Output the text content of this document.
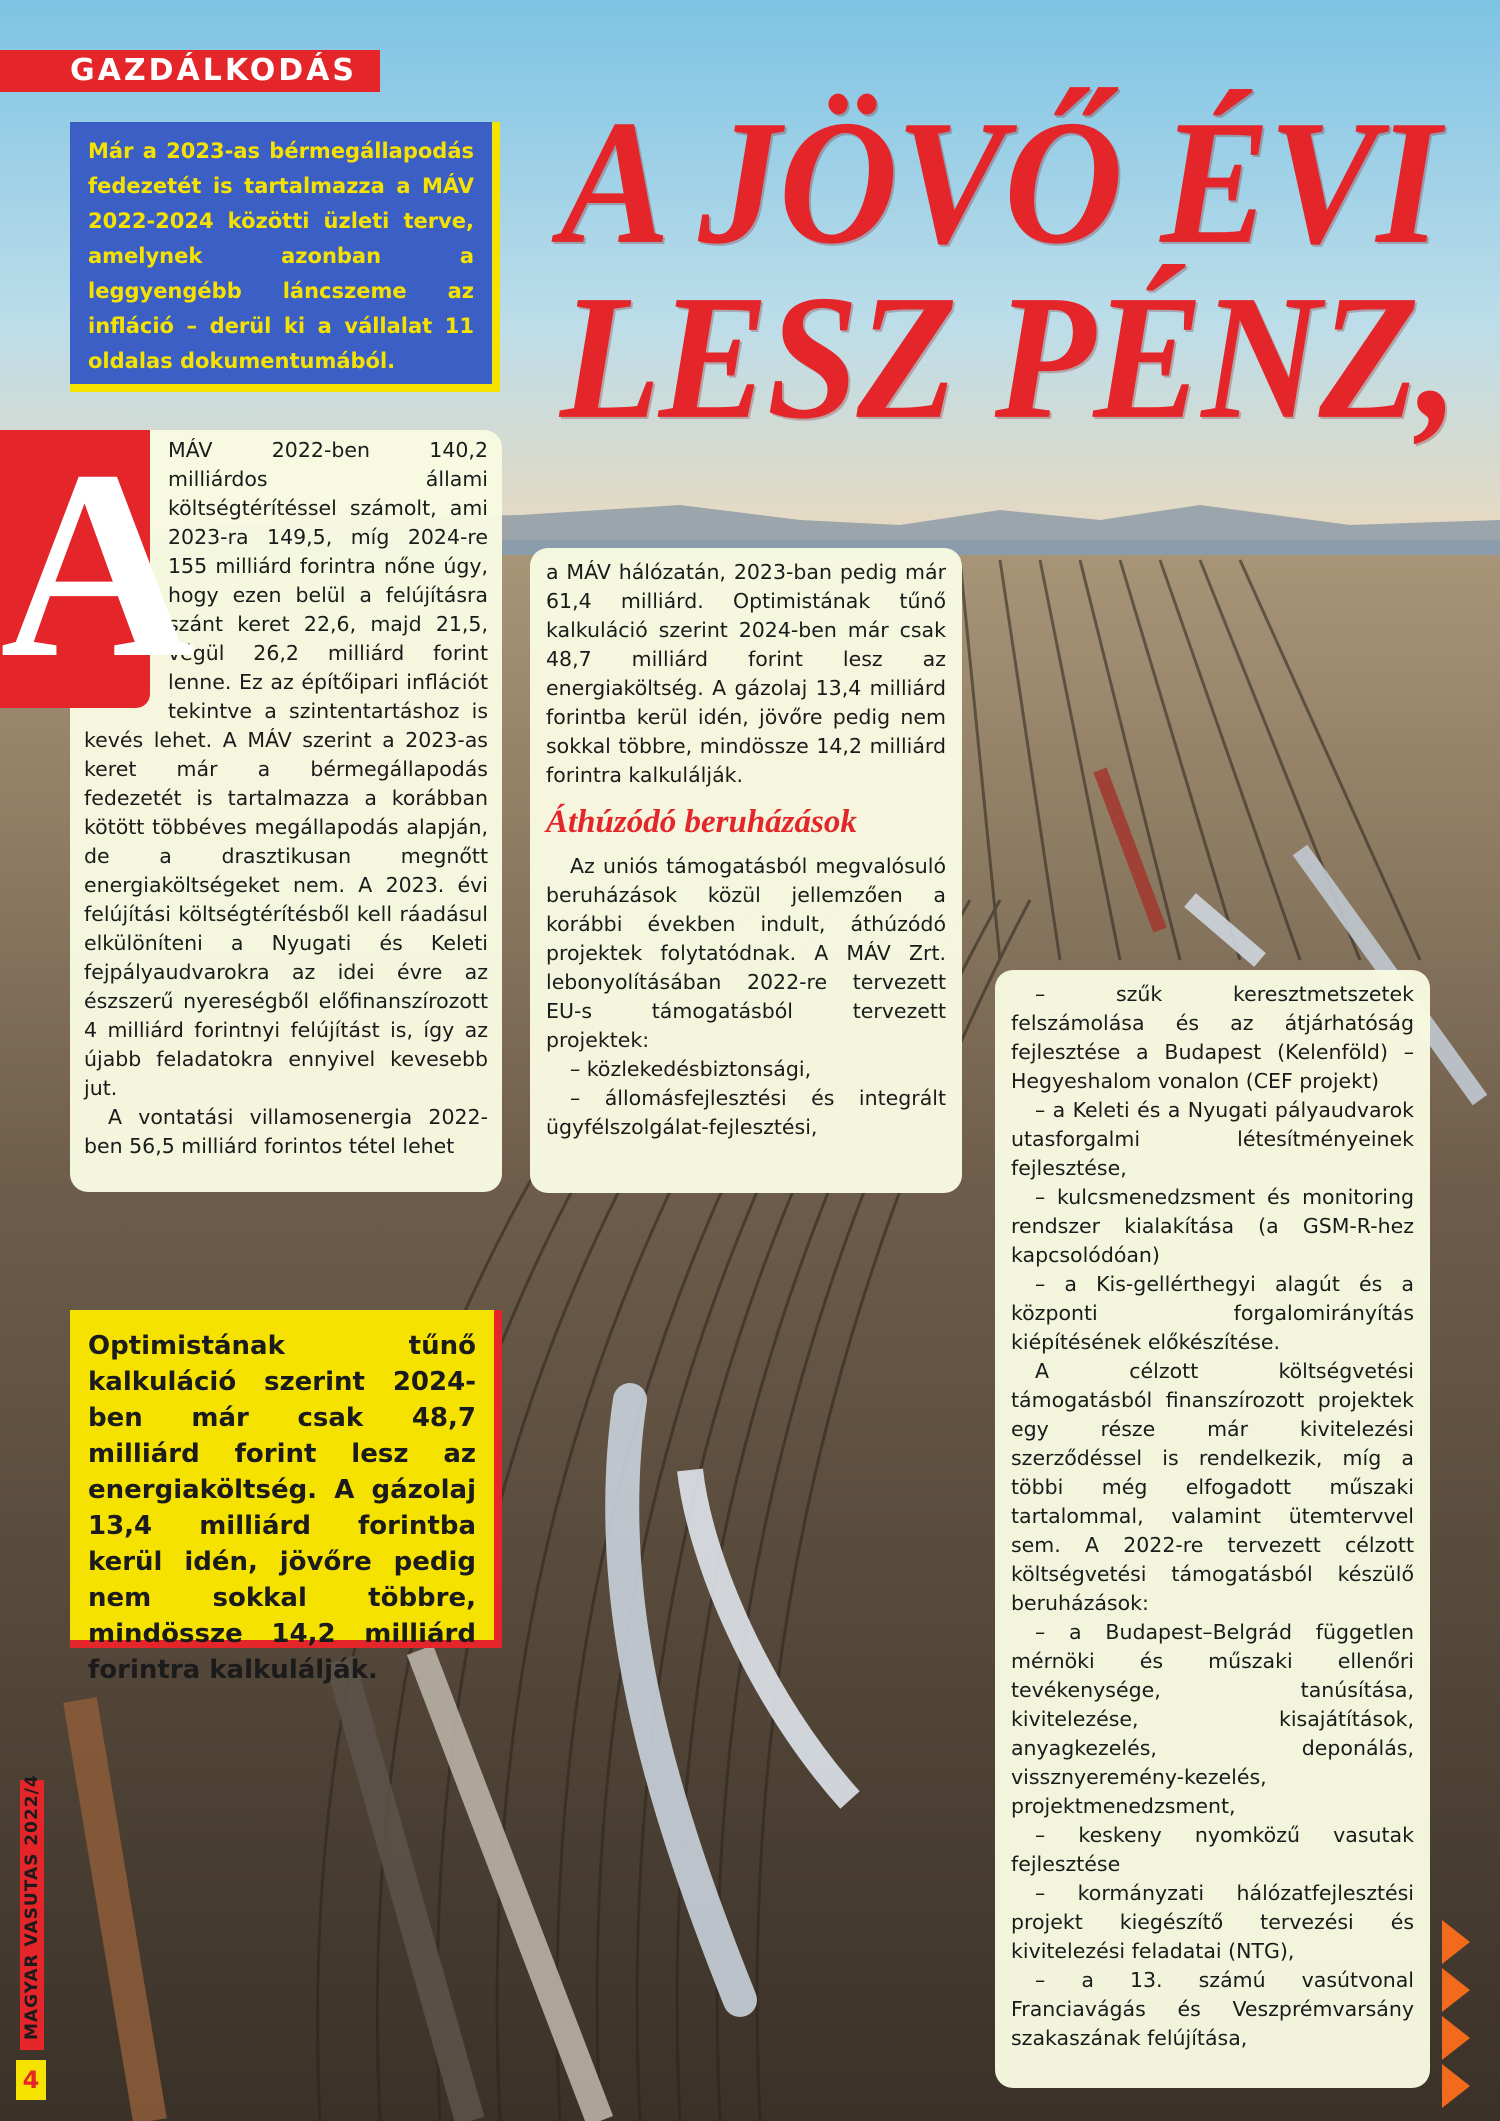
GAZDÁLKODÁS
Már a 2023-as bérmegállapodás fedezetét is tartalmazza a MÁV 2022-2024 közötti üzleti terve, amelynek azonban a leggyengébb láncszeme az infláció – derül ki a vállalat 11 oldalas dokumentumából.
A JÖVŐ ÉVI
LESZ PÉNZ,

MÁV 2022-ben 140,2 milliárdos állami költségtérítéssel számolt, ami 2023-ra 149,5, míg 2024-re 155 milliárd forintra nőne úgy, hogy ezen belül a felújításra szánt keret 22,6, majd 21,5, végül 26,2 milliárd forint lenne. Ez az építőipari inflációt tekintve a szintentartáshoz is kevés lehet. A MÁV szerint a 2023-as keret már a bérmegállapodás fedezetét is tartalmazza a korábban kötött többéves megállapodás alapján, de a drasztikusan megnőtt energiaköltségeket nem. A 2023. évi felújítási költségtérítésből kell ráadásul elkülöníteni a Nyugati és Keleti fejpályaudvarokra az idei évre az észszerű nyereségből előfinanszírozott 4 milliárd forintnyi felújítást is, így az újabb feladatokra ennyivel kevesebb jut.

A vontatási villamosenergia 2022-ben 56,5 milliárd forintos tétel lehet

A	a MÁV hálózatán, 2023-ban pedig már 61,4 milliárd. Optimistának tűnő kalkuláció szerint 2024-ben már csak 48,7 milliárd forint lesz az energiaköltség. A gázolaj 13,4 milliárd forintba kerül idén, jövőre pedig nem sokkal többre, mindössze 14,2 milliárd forintra kalkulálják.

Áthúzódó beruházások

Az uniós támogatásból megvalósuló beruházások közül jellemzően a korábbi években indult, áthúzódó projektek folytatódnak. A MÁV Zrt. lebonyolításában 2022-re tervezett EU-s támogatásból tervezett projektek:

– közlekedésbiztonsági,

– állomásfejlesztési és integrált ügyfélszolgálat-fejlesztési,

– szűk keresztmetszetek felszámolása és az átjárhatóság fejlesztése a Budapest (Kelenföld) – Hegyeshalom vonalon (CEF projekt)

– a Keleti és a Nyugati pályaudvarok utasforgalmi létesítményeinek fejlesztése,

– kulcsmenedzsment és monitoring rendszer kialakítása (a GSM-R-hez kapcsolódóan)

– a Kis-gellérthegyi alagút és a központi forgalomirányítás kiépítésének előkészítése.

A célzott költségvetési támogatásból finanszírozott projektek egy része már kivitelezési szerződéssel is rendelkezik, míg a többi még elfogadott műszaki tartalommal, valamint ütemtervvel sem. A 2022-re tervezett célzott költségvetési támogatásból készülő beruházások:

– a Budapest–Belgrád független mérnöki és műszaki ellenőri tevékenysége, tanúsítása, kivitelezése, kisajátítások, anyagkezelés, deponálás, vissznyeremény-kezelés, projektmenedzsment,

– keskeny nyomközű vasutak fejlesztése

– kormányzati hálózatfejlesztési projekt kiegészítő tervezési és kivitelezési feladatai (NTG),

– a 13. számú vasútvonal Franciavágás és Veszprémvarsány szakaszának felújítása,

Optimistának tűnő kalkuláció szerint 2024-ben már csak 48,7 milliárd forint lesz az energiaköltség. A gázolaj 13,4 milliárd forintba kerül idén, jövőre pedig nem sokkal többre, mindössze 14,2 milliárd forintra kalkulálják.
MAGYAR VASUTAS 2022/4
4
